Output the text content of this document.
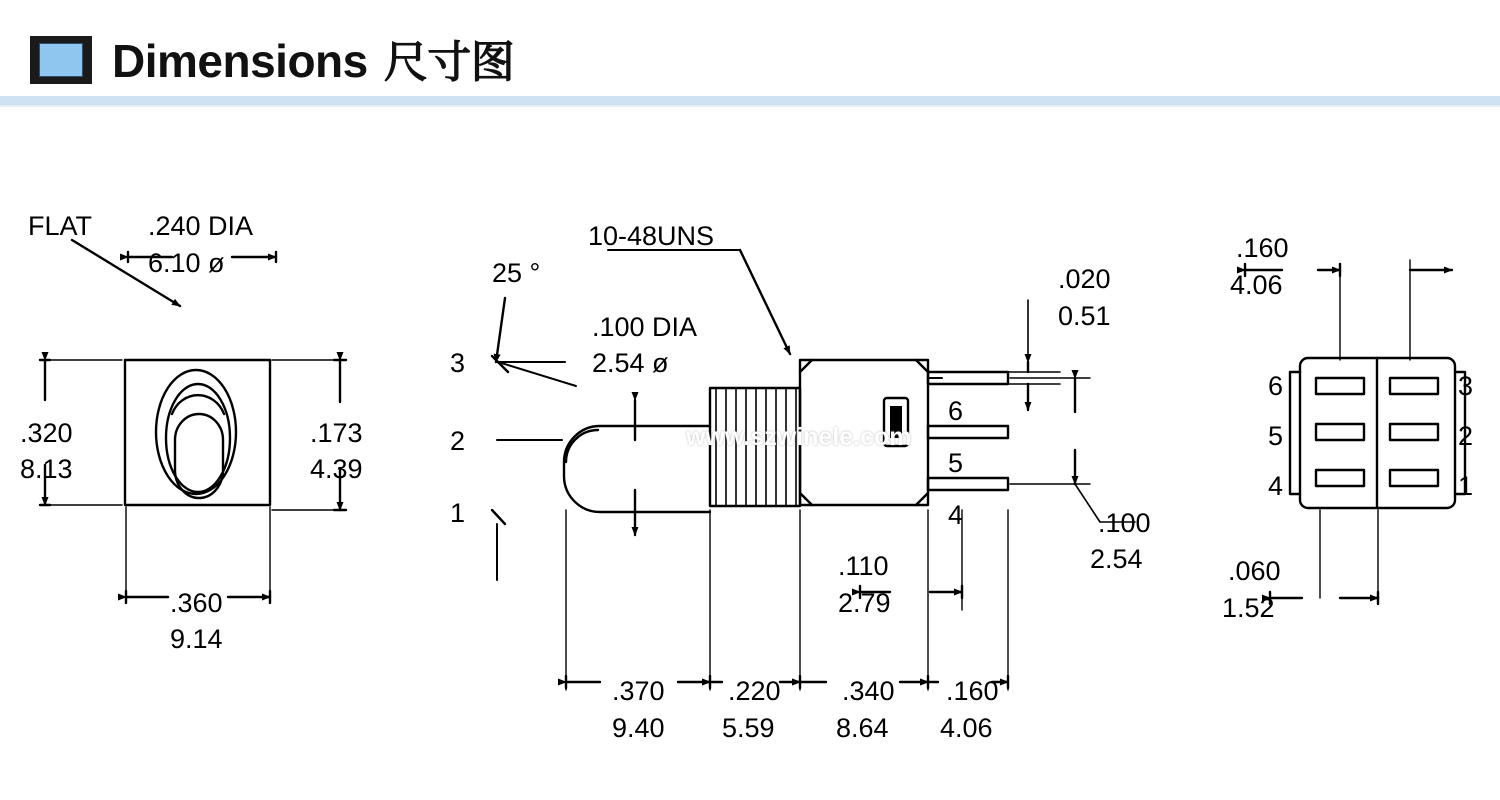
Dimensions 尺寸图
FLAT .240 DIA
6.10 ø
.320
8.13
.173
4.39
.360
9.14
10-48UNS
25 °
3
2
1
.100 DIA
2.54 ø
.020
0.51
6
5
4	.100
2.54
.110
2.79
.370
9.40
.220
5.59
.340
8.64
.160
4.06
.160
4.06
6
5
4
3
2
1
.060
1.52
www.szwinele.com
